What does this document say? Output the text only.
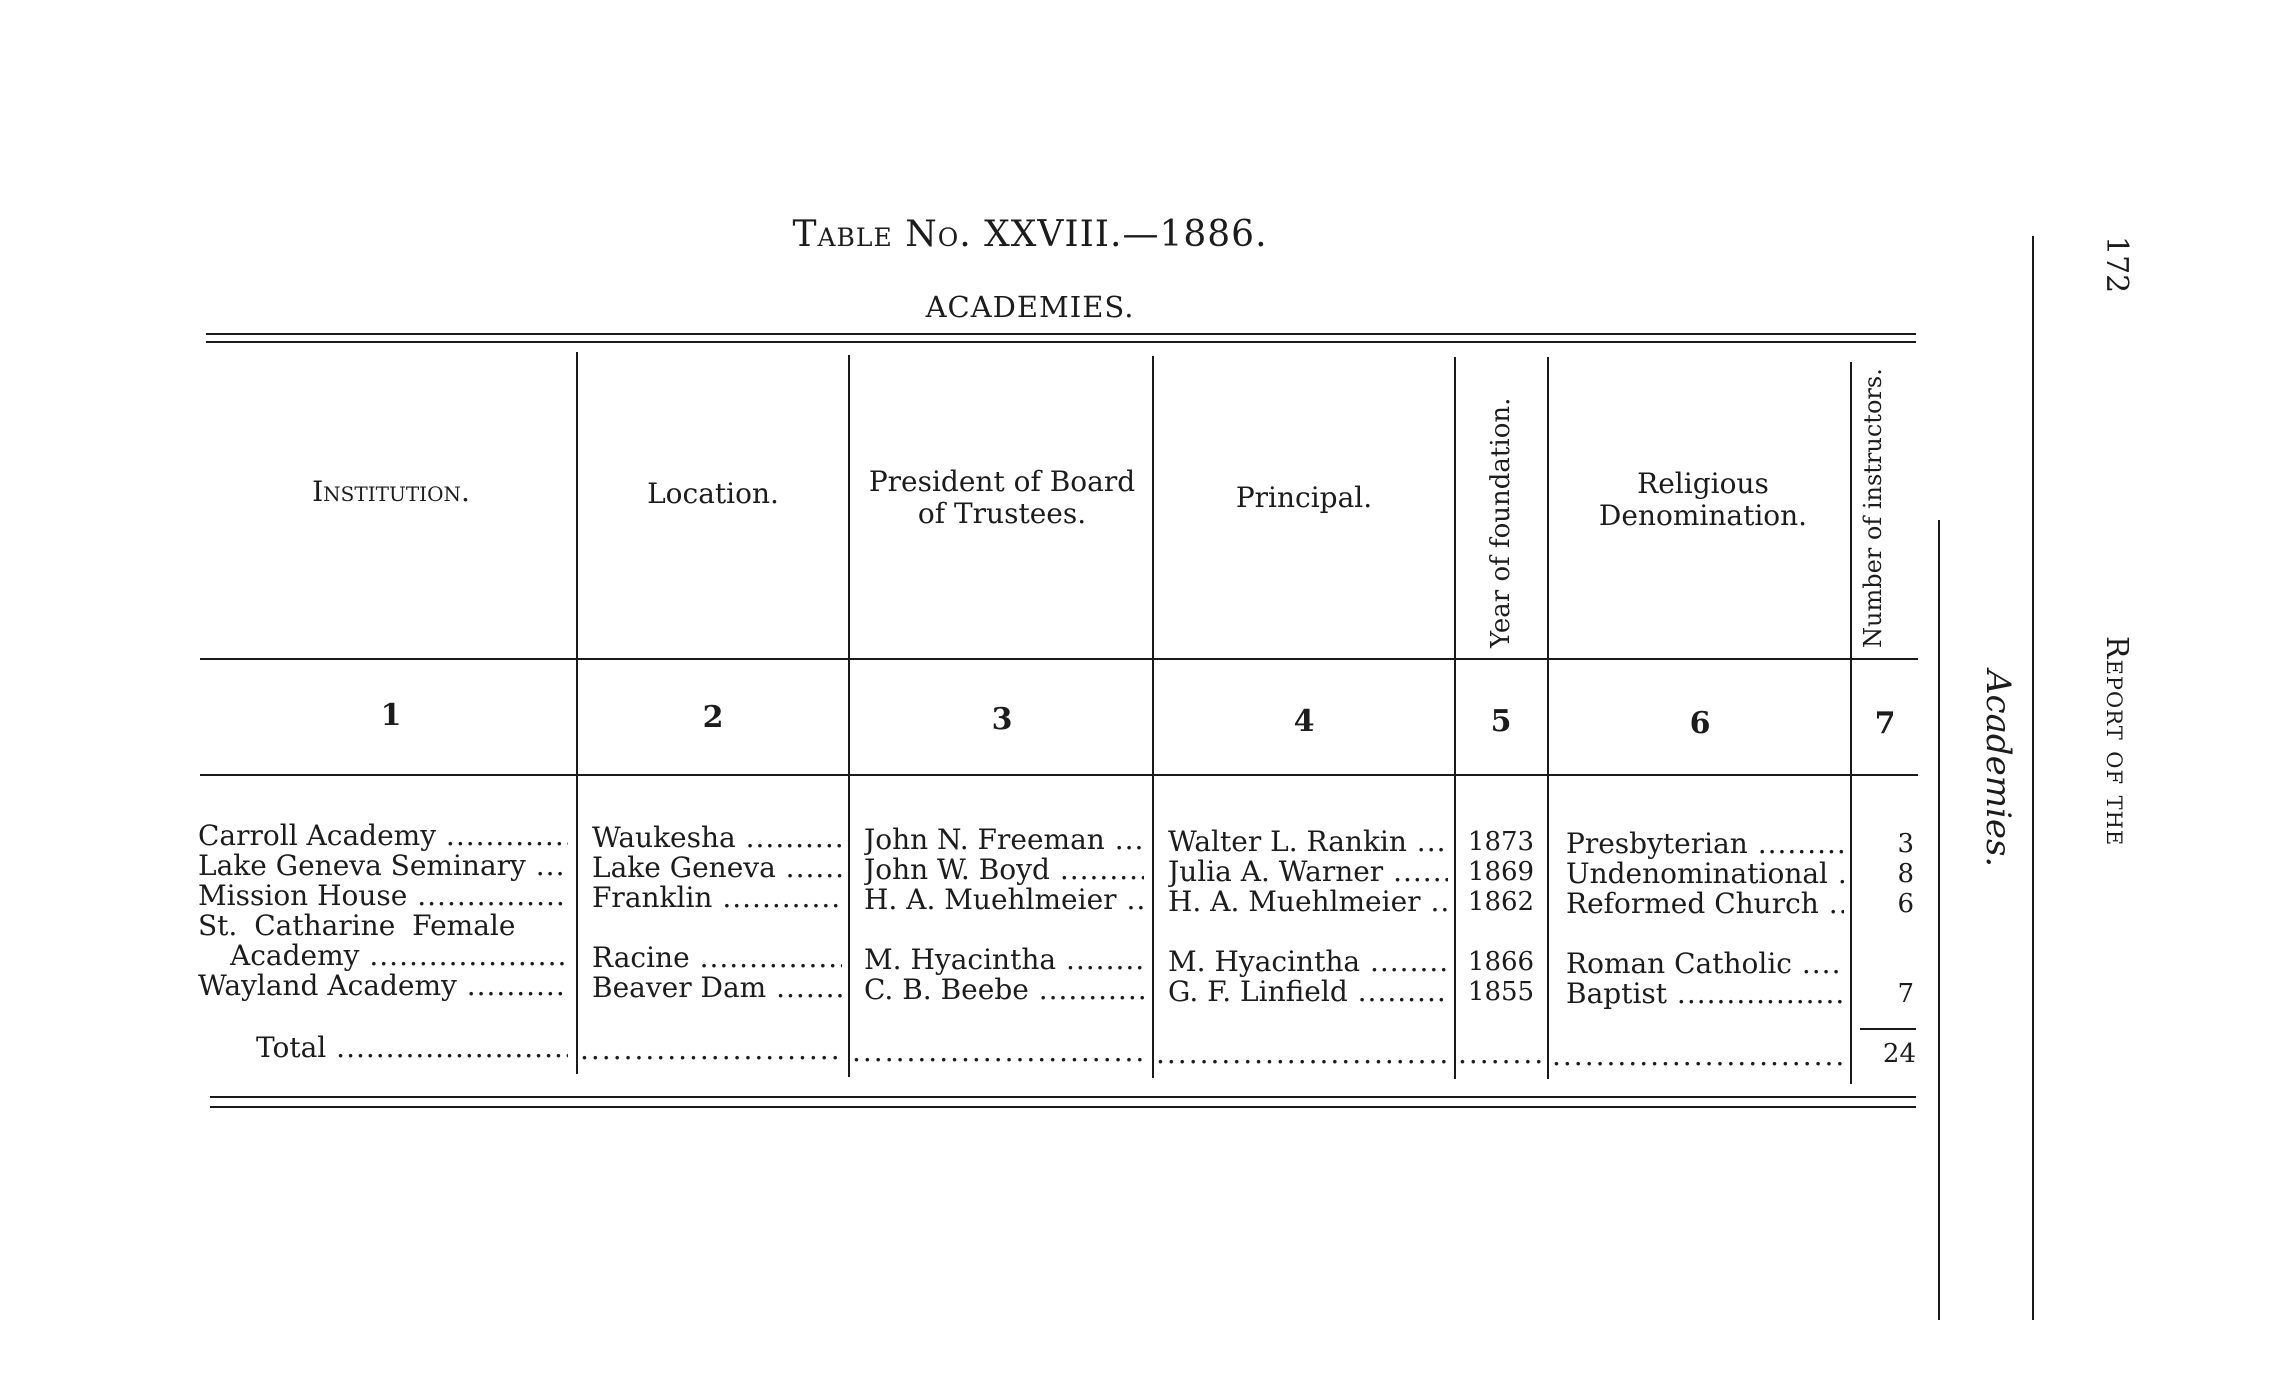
Table No. XXVIII.—1886.
ACADEMIES.
Institution.	Location.	President of Board of Trustees.	Principal.	Year of foundation.	Religious Denomination.	Number of instructors.
1	2	3	4	5	6	7
Carroll Academy .....	Waukesha .....	John N. Freeman .....	Walter L. Rankin .....	1873	Presbyterian .....	3
Lake Geneva Seminary .....	Lake Geneva .....	John W. Boyd .....	Julia A. Warner .....	1869	Undenominational .....	8
Mission House .....	Franklin .....	H. A. Muehlmeier .....	H. A. Muehlmeier .....	1862	Reformed Church .....	6
St. Catharine Female
Academy .....	Racine .....	M. Hyacintha .....	M. Hyacintha .....	1866	Roman Catholic .....
Wayland Academy .....	Beaver Dam .....	C. B. Beebe .....	G. F. Linfield .....	1855	Baptist .....	7
Total ..... ..... ..... ..... ..... .....	24
Academies.	Report of the
172
